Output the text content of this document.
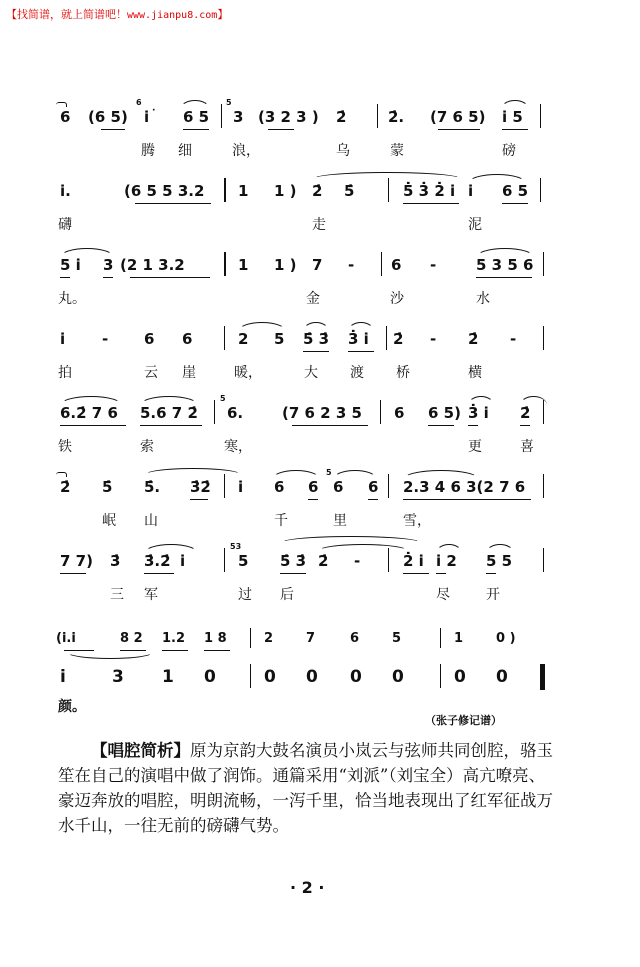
【找简谱，就上简谱吧！www.jianpu8.com】
6 (6 5)
6
i · 6 5
5
3 (3 2 3 ) 2̇	2̇. (7 6 5) i 5
腾 细	浪，	乌	蒙	磅
i.	(6 5 5 3.2 1 1 ) 2̇ 5̇	5̇ 3̇ 2̇ i i 6 5
礴	走	泥
5 i 3 (2 1 3.2	1 1 ) 7 - 6 -	5 3 5 6
丸。	金	沙	水
i - 6 6	2 5 5̇ 3̇ 3̇ i 2̇ - 2̇ -
拍	云 崖	暖，	大 渡 桥	横
6.2̇ 7 6 5.6 7 2̇
5
6.	(7 6 2 3 5 6 6 5) 3̇ i 2̇
铁	索	寒，	更	喜
2̇ 5̇ 5̇. 3̇2̇ i 6 6
5
6 6 2.3 4 6 3(2 7 6
岷 山	千	里	雪，
7 7) 3̇ 3̇.2̇ i
53
5 5̇ 3̇ 2̇ -	2̇ i i 2 5 5
三 军	过 后	尽	开
(i.i	8 2 1.2 1 8	2	7	6	5	1	0 )
i	3 1 0	0 0 0 0	0 0
颜。
（张子修记谱）

【唱腔简析】原为京韵大鼓名演员小岚云与弦师共同创腔，骆玉笙在自己的演唱中做了润饰。通篇采用“刘派”（刘宝全）高亢嘹亮、豪迈奔放的唱腔，明朗流畅，一泻千里，恰当地表现出了红军征战万水千山，一往无前的磅礴气势。

· 2 ·
